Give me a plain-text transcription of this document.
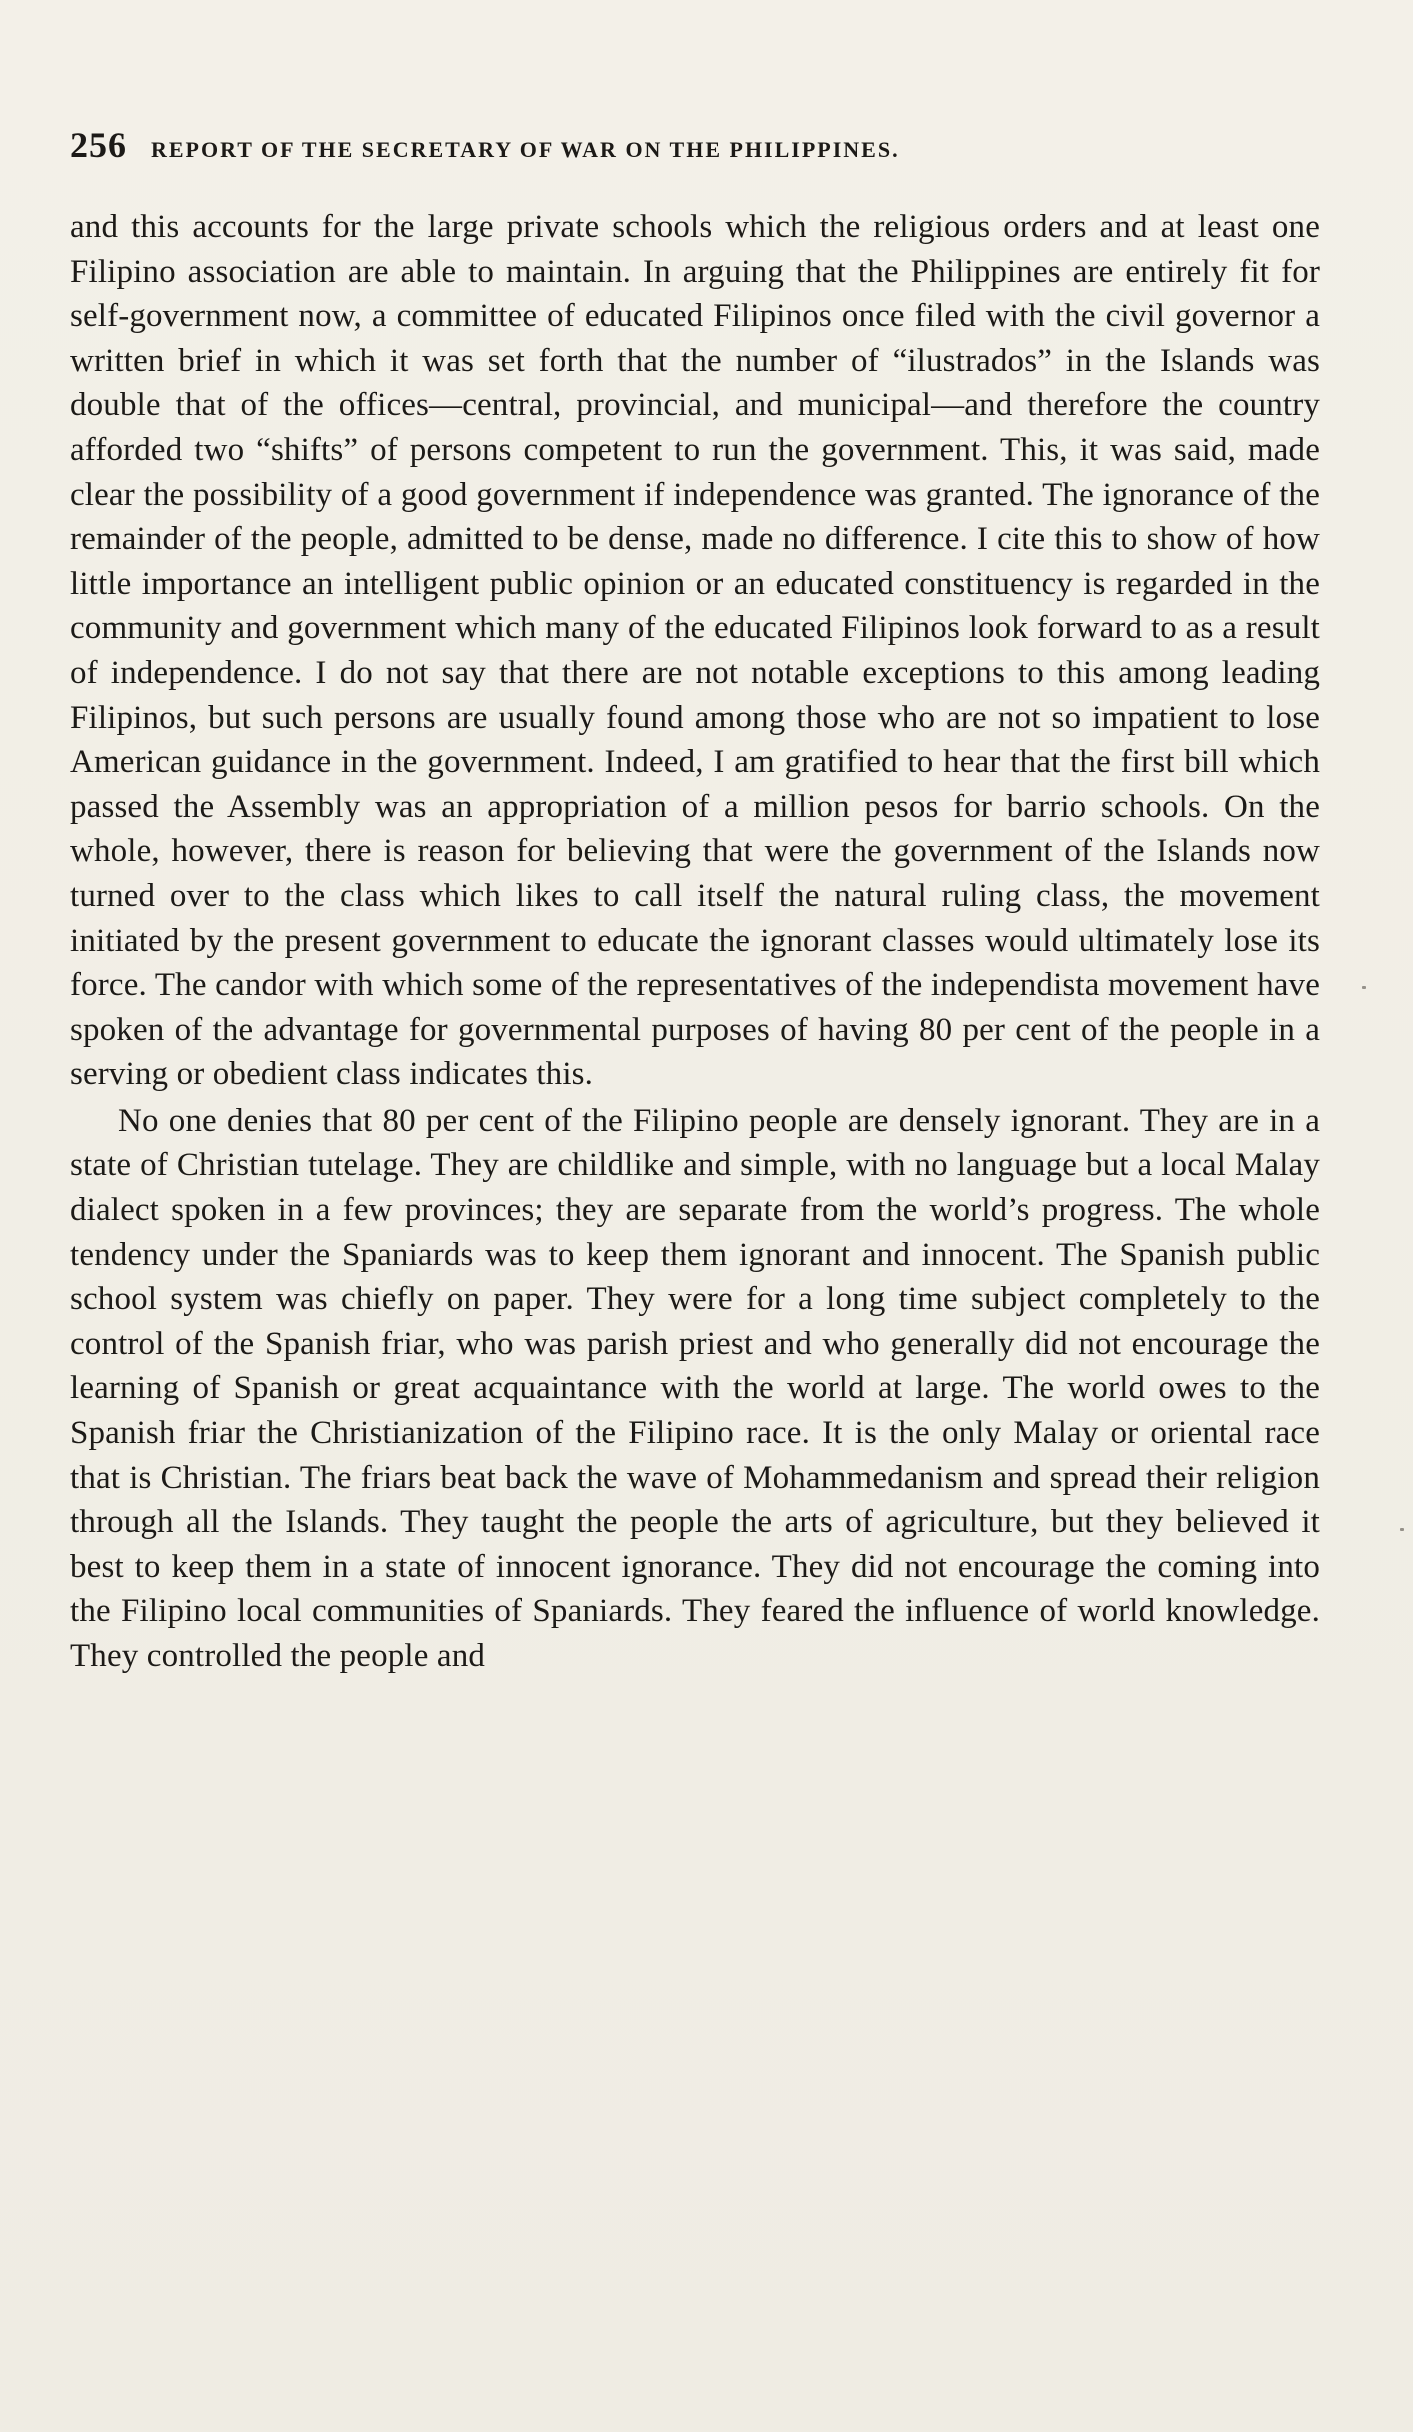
256 REPORT OF THE SECRETARY OF WAR ON THE PHILIPPINES.

and this accounts for the large private schools which the religious orders and at least one Filipino association are able to maintain. In arguing that the Philippines are entirely fit for self-government now, a committee of educated Filipinos once filed with the civil governor a written brief in which it was set forth that the number of “ilustrados” in the Islands was double that of the offices—central, provincial, and municipal—and therefore the country afforded two “shifts” of persons competent to run the government. This, it was said, made clear the possibility of a good government if independence was granted. The ignorance of the remainder of the people, admitted to be dense, made no difference. I cite this to show of how little importance an intelligent public opinion or an educated constituency is regarded in the community and government which many of the educated Filipinos look forward to as a result of independence. I do not say that there are not notable exceptions to this among leading Filipinos, but such persons are usually found among those who are not so impatient to lose American guidance in the government. Indeed, I am gratified to hear that the first bill which passed the Assembly was an appropriation of a million pesos for barrio schools. On the whole, however, there is reason for believing that were the government of the Islands now turned over to the class which likes to call itself the natural ruling class, the movement initiated by the present government to educate the ignorant classes would ultimately lose its force. The candor with which some of the representatives of the independista movement have spoken of the advantage for governmental purposes of having 80 per cent of the people in a serving or obedient class indicates this.

No one denies that 80 per cent of the Filipino people are densely ignorant. They are in a state of Christian tutelage. They are childlike and simple, with no language but a local Malay dialect spoken in a few provinces; they are separate from the world’s progress. The whole tendency under the Spaniards was to keep them ignorant and innocent. The Spanish public school system was chiefly on paper. They were for a long time subject completely to the control of the Spanish friar, who was parish priest and who generally did not encourage the learning of Spanish or great acquaintance with the world at large. The world owes to the Spanish friar the Christianization of the Filipino race. It is the only Malay or oriental race that is Christian. The friars beat back the wave of Mohammedanism and spread their religion through all the Islands. They taught the people the arts of agriculture, but they believed it best to keep them in a state of innocent ignorance. They did not encourage the coming into the Filipino local communities of Spaniards. They feared the influence of world knowledge. They controlled the people and
